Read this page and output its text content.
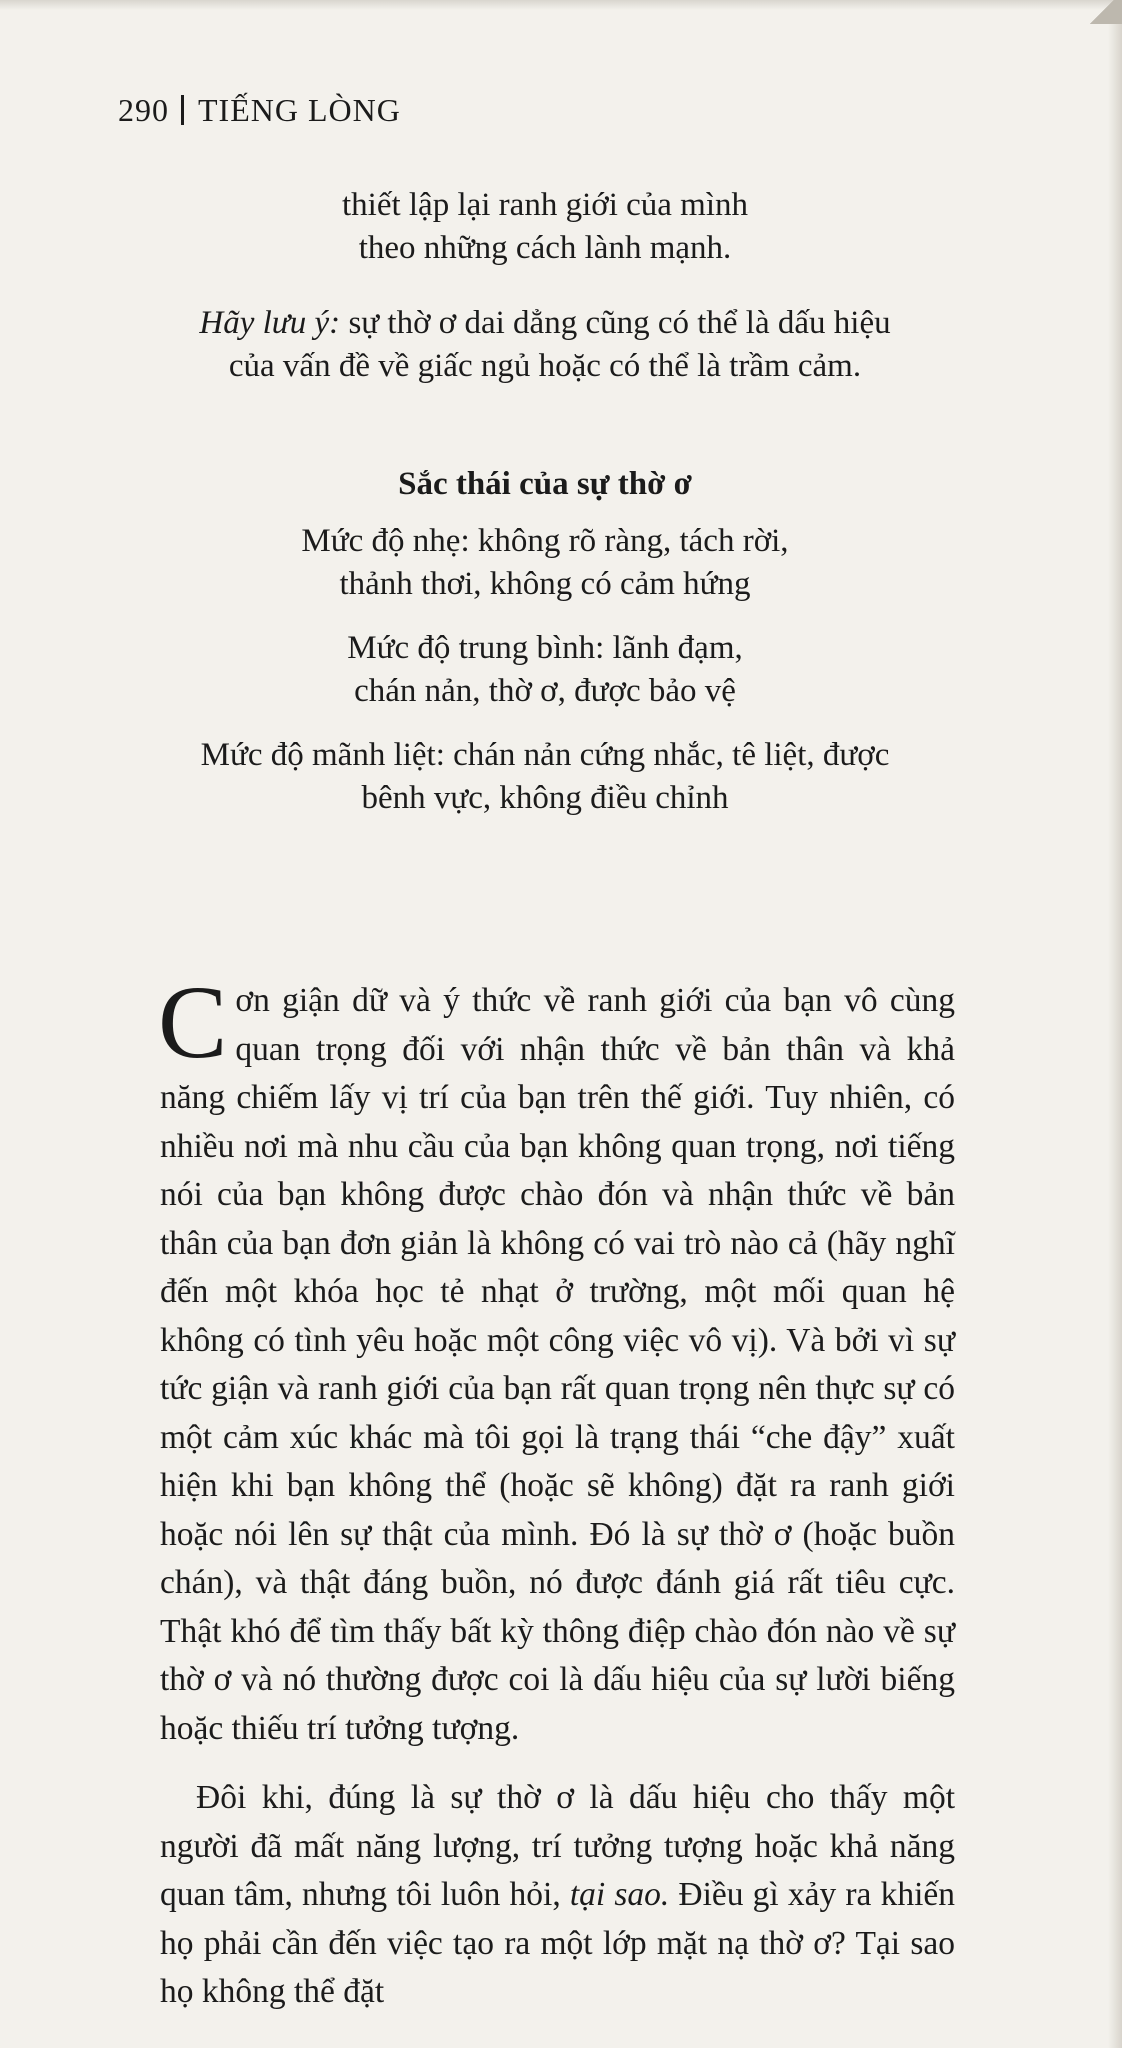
290 TIẾNG LÒNG
thiết lập lại ranh giới của mình
theo những cách lành mạnh.
Hãy lưu ý: sự thờ ơ dai dẳng cũng có thể là dấu hiệu
của vấn đề về giấc ngủ hoặc có thể là trầm cảm.
Sắc thái của sự thờ ơ
Mức độ nhẹ: không rõ ràng, tách rời,
thảnh thơi, không có cảm hứng
Mức độ trung bình: lãnh đạm,
chán nản, thờ ơ, được bảo vệ
Mức độ mãnh liệt: chán nản cứng nhắc, tê liệt, được
bênh vực, không điều chỉnh

Cơn giận dữ và ý thức về ranh giới của bạn vô cùng quan trọng đối với nhận thức về bản thân và khả năng chiếm lấy vị trí của bạn trên thế giới. Tuy nhiên, có nhiều nơi mà nhu cầu của bạn không quan trọng, nơi tiếng nói của bạn không được chào đón và nhận thức về bản thân của bạn đơn giản là không có vai trò nào cả (hãy nghĩ đến một khóa học tẻ nhạt ở trường, một mối quan hệ không có tình yêu hoặc một công việc vô vị). Và bởi vì sự tức giận và ranh giới của bạn rất quan trọng nên thực sự có một cảm xúc khác mà tôi gọi là trạng thái “che đậy” xuất hiện khi bạn không thể (hoặc sẽ không) đặt ra ranh giới hoặc nói lên sự thật của mình. Đó là sự thờ ơ (hoặc buồn chán), và thật đáng buồn, nó được đánh giá rất tiêu cực. Thật khó để tìm thấy bất kỳ thông điệp chào đón nào về sự thờ ơ và nó thường được coi là dấu hiệu của sự lười biếng hoặc thiếu trí tưởng tượng.

Đôi khi, đúng là sự thờ ơ là dấu hiệu cho thấy một người đã mất năng lượng, trí tưởng tượng hoặc khả năng quan tâm, nhưng tôi luôn hỏi, tại sao. Điều gì xảy ra khiến họ phải cần đến việc tạo ra một lớp mặt nạ thờ ơ? Tại sao họ không thể đặt
